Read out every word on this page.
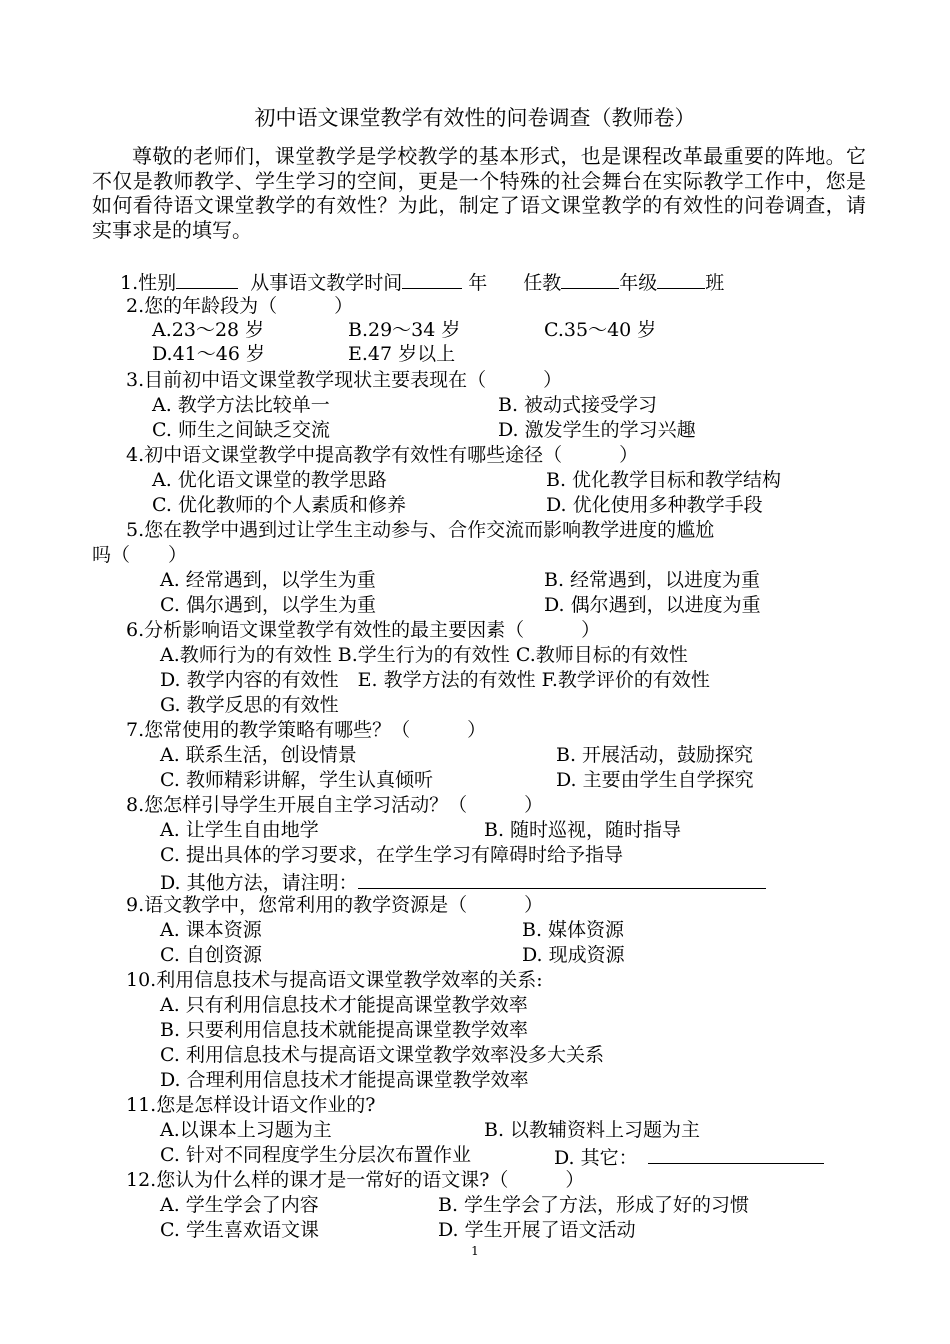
初中语文课堂教学有效性的问卷调查（教师卷）
尊敬的老师们，课堂教学是学校教学的基本形式，也是课程改革最重要的阵地。它不仅是教师教学、学生学习的空间，更是一个特殊的社会舞台在实际教学工作中，您是如何看待语文课堂教学的有效性？为此，制定了语文课堂教学的有效性的问卷调查，请实事求是的填写。
1.性别	从事语文教学时间	年 任教	年级	班
2.您的年龄段为（　　　）
A.23～28 岁	B.29～34 岁	C.35～40 岁
D.41～46 岁	E.47 岁以上
3.目前初中语文课堂教学现状主要表现在（　　　）
A. 教学方法比较单一	B. 被动式接受学习
C. 师生之间缺乏交流	D. 激发学生的学习兴趣
4.初中语文课堂教学中提高教学有效性有哪些途径（　　　）
A. 优化语文课堂的教学思路	B. 优化教学目标和教学结构
C. 优化教师的个人素质和修养	D. 优化使用多种教学手段
5.您在教学中遇到过让学生主动参与、合作交流而影响教学进度的尴尬
吗（　　）
A. 经常遇到，以学生为重	B. 经常遇到，以进度为重
C. 偶尔遇到，以学生为重	D. 偶尔遇到，以进度为重
6.分析影响语文课堂教学有效性的最主要因素（　　　）
A.教师行为的有效性 B.学生行为的有效性 C.教师目标的有效性
D. 教学内容的有效性　E. 教学方法的有效性 F.教学评价的有效性
G. 教学反思的有效性
7.您常使用的教学策略有哪些？（　　　）
A. 联系生活，创设情景	B. 开展活动，鼓励探究
C. 教师精彩讲解，学生认真倾听	D. 主要由学生自学探究
8.您怎样引导学生开展自主学习活动？（　　　）
A. 让学生自由地学	B. 随时巡视，随时指导
C. 提出具体的学习要求，在学生学习有障碍时给予指导
D. 其他方法，请注明：
9.语文教学中，您常利用的教学资源是（　　　）
A. 课本资源	B. 媒体资源
C. 自创资源	D. 现成资源
10.利用信息技术与提高语文课堂教学效率的关系:
A. 只有利用信息技术才能提高课堂教学效率
B. 只要利用信息技术就能提高课堂教学效率
C. 利用信息技术与提高语文课堂教学效率没多大关系
D. 合理利用信息技术才能提高课堂教学效率
11.您是怎样设计语文作业的?
A.以课本上习题为主	B. 以教辅资料上习题为主
C. 针对不同程度学生分层次布置作业	D. 其它：
12.您认为什么样的课才是一常好的语文课?（　　　）
A. 学生学会了内容	B. 学生学会了方法，形成了好的习惯
C. 学生喜欢语文课	D. 学生开展了语文活动
1
